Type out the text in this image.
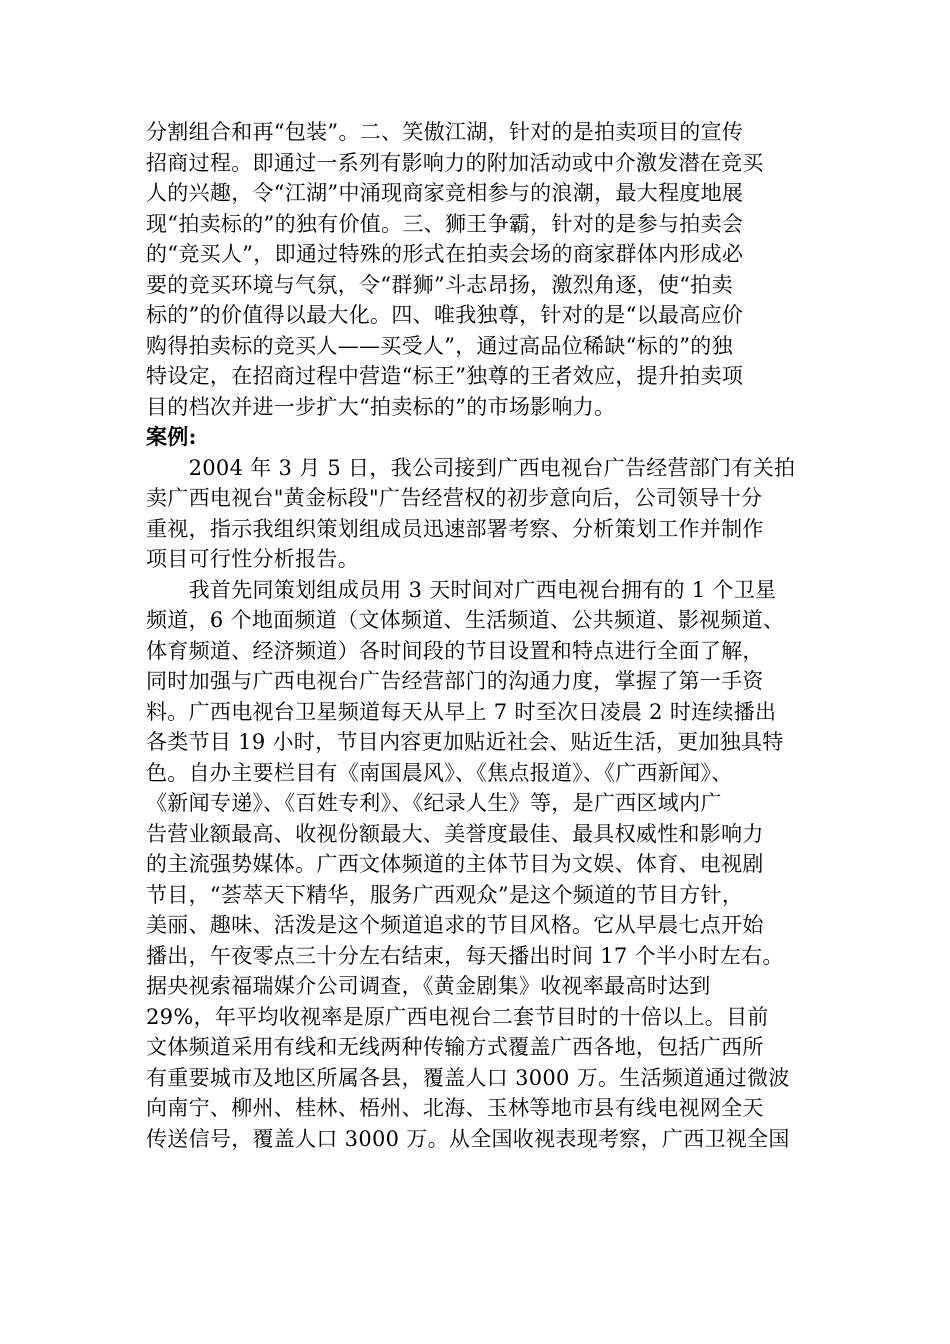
分割组合和再“包装”。二、笑傲江湖，针对的是拍卖项目的宣传
招商过程。即通过一系列有影响力的附加活动或中介激发潜在竞买
人的兴趣，令“江湖”中涌现商家竞相参与的浪潮，最大程度地展
现“拍卖标的”的独有价值。三、狮王争霸，针对的是参与拍卖会
的“竞买人”，即通过特殊的形式在拍卖会场的商家群体内形成必
要的竞买环境与气氛，令“群狮”斗志昂扬，激烈角逐，使“拍卖
标的”的价值得以最大化。四、唯我独尊，针对的是“以最高应价
购得拍卖标的竞买人——买受人”，通过高品位稀缺“标的”的独
特设定，在招商过程中营造“标王”独尊的王者效应，提升拍卖项
目的档次并进一步扩大“拍卖标的”的市场影响力。
案例:
　　2004 年 3 月 5 日，我公司接到广西电视台广告经营部门有关拍
卖广西电视台"黄金标段"广告经营权的初步意向后，公司领导十分
重视，指示我组织策划组成员迅速部署考察、分析策划工作并制作
项目可行性分析报告。
　　我首先同策划组成员用 3 天时间对广西电视台拥有的 1 个卫星
频道，6 个地面频道（文体频道、生活频道、公共频道、影视频道、
体育频道、经济频道）各时间段的节目设置和特点进行全面了解，
同时加强与广西电视台广告经营部门的沟通力度，掌握了第一手资
料。广西电视台卫星频道每天从早上 7 时至次日凌晨 2 时连续播出
各类节目 19 小时，节目内容更加贴近社会、贴近生活，更加独具特
色。自办主要栏目有《南国晨风》、《焦点报道》、《广西新闻》、
《新闻专递》、《百姓专利》、《纪录人生》等，是广西区域内广
告营业额最高、收视份额最大、美誉度最佳、最具权威性和影响力
的主流强势媒体。广西文体频道的主体节目为文娱、体育、电视剧
节目，“荟萃天下精华，服务广西观众”是这个频道的节目方针，
美丽、趣味、活泼是这个频道追求的节目风格。它从早晨七点开始
播出，午夜零点三十分左右结束，每天播出时间 17 个半小时左右。
据央视索福瑞媒介公司调查，《黄金剧集》收视率最高时达到
29%，年平均收视率是原广西电视台二套节目时的十倍以上。目前
文体频道采用有线和无线两种传输方式覆盖广西各地，包括广西所
有重要城市及地区所属各县，覆盖人口 3000 万。生活频道通过微波
向南宁、柳州、桂林、梧州、北海、玉林等地市县有线电视网全天
传送信号，覆盖人口 3000 万。从全国收视表现考察，广西卫视全国
